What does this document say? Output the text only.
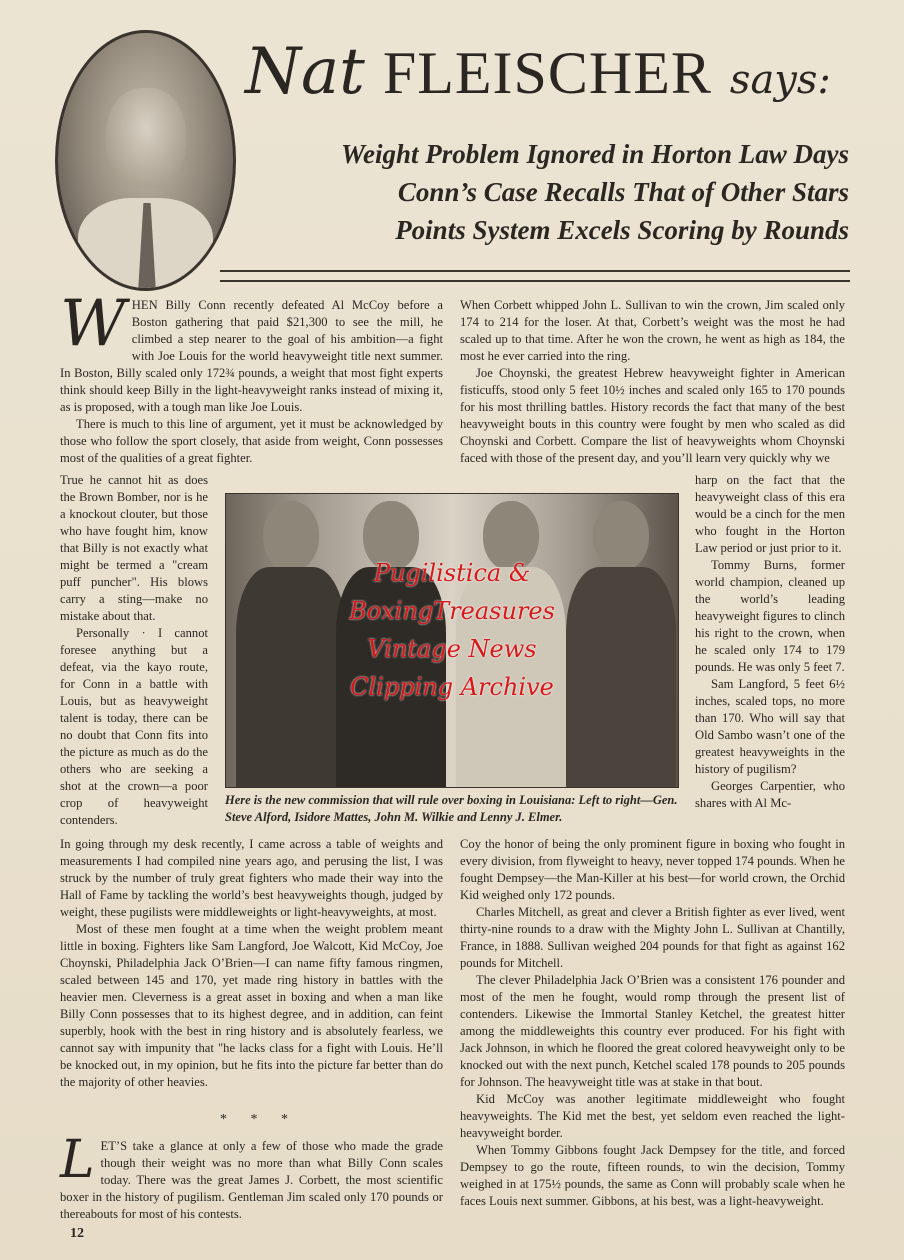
Nat FLEISCHER says:
Weight Problem Ignored in Horton Law Days
Conn’s Case Recalls That of Other Stars
Points System Excels Scoring by Rounds

WHEN Billy Conn recently defeated Al McCoy before a Boston gathering that paid $21,300 to see the mill, he climbed a step nearer to the goal of his ambition—a fight with Joe Louis for the world heavyweight title next summer. In Boston, Billy scaled only 172¾ pounds, a weight that most fight experts think should keep Billy in the light-heavyweight ranks instead of mixing it, as is proposed, with a tough man like Joe Louis.

There is much to this line of argument, yet it must be acknowledged by those who follow the sport closely, that aside from weight, Conn possesses most of the qualities of a great fighter.

True he cannot hit as does the Brown Bomber, nor is he a knockout clouter, but those who have fought him, know that Billy is not exactly what might be termed a "cream puff puncher". His blows carry a sting—make no mistake about that.

Personally · I cannot foresee anything but a defeat, via the kayo route, for Conn in a battle with Louis, but as heavyweight talent is today, there can be no doubt that Conn fits into the picture as much as do the others who are seeking a shot at the crown—a poor crop of heavyweight contenders.

When Corbett whipped John L. Sullivan to win the crown, Jim scaled only 174 to 214 for the loser. At that, Corbett’s weight was the most he had scaled up to that time. After he won the crown, he went as high as 184, the most he ever carried into the ring.

Joe Choynski, the greatest Hebrew heavyweight fighter in American fisticuffs, stood only 5 feet 10½ inches and scaled only 165 to 170 pounds for his most thrilling battles. History records the fact that many of the best heavyweight bouts in this country were fought by men who scaled as did Choynski and Corbett. Compare the list of heavyweights whom Choynski faced with those of the present day, and you’ll learn very quickly why we

harp on the fact that the heavyweight class of this era would be a cinch for the men who fought in the Horton Law period or just prior to it.

Tommy Burns, former world champion, cleaned up the world’s leading heavyweight figures to clinch his right to the crown, when he scaled only 174 to 179 pounds. He was only 5 feet 7.

Sam Langford, 5 feet 6½ inches, scaled tops, no more than 170. Who will say that Old Sambo wasn’t one of the greatest heavyweights in the history of pugilism?

Georges Carpentier, who shares with Al Mc-

Pugilistica &
BoxingTreasures
Vintage News
Clipping Archive
Here is the new commission that will rule over boxing in Louisiana: Left to right—Gen. Steve Alford, Isidore Mattes, John M. Wilkie and Lenny J. Elmer.

In going through my desk recently, I came across a table of weights and measurements I had compiled nine years ago, and perusing the list, I was struck by the number of truly great fighters who made their way into the Hall of Fame by tackling the world’s best heavyweights though, judged by weight, these pugilists were middleweights or light-heavyweights, at most.

Most of these men fought at a time when the weight problem meant little in boxing. Fighters like Sam Langford, Joe Walcott, Kid McCoy, Joe Choynski, Philadelphia Jack O’Brien—I can name fifty famous ringmen, scaled between 145 and 170, yet made ring history in battles with the heavier men. Cleverness is a great asset in boxing and when a man like Billy Conn possesses that to its highest degree, and in addition, can feint superbly, hook with the best in ring history and is absolutely fearless, we cannot say with impunity that "he lacks class for a fight with Louis. He’ll be knocked out, in my opinion, but he fits into the picture far better than do the majority of other heavies.

* * *

LET’S take a glance at only a few of those who made the grade though their weight was no more than what Billy Conn scales today. There was the great James J. Corbett, the most scientific boxer in the history of pugilism. Gentleman Jim scaled only 170 pounds or thereabouts for most of his contests.

Coy the honor of being the only prominent figure in boxing who fought in every division, from flyweight to heavy, never topped 174 pounds. When he fought Dempsey—the Man-Killer at his best—for world crown, the Orchid Kid weighed only 172 pounds.

Charles Mitchell, as great and clever a British fighter as ever lived, went thirty-nine rounds to a draw with the Mighty John L. Sullivan at Chantilly, France, in 1888. Sullivan weighed 204 pounds for that fight as against 162 pounds for Mitchell.

The clever Philadelphia Jack O’Brien was a consistent 176 pounder and most of the men he fought, would romp through the present list of contenders. Likewise the Immortal Stanley Ketchel, the greatest hitter among the middleweights this country ever produced. For his fight with Jack Johnson, in which he floored the great colored heavyweight only to be knocked out with the next punch, Ketchel scaled 178 pounds to 205 pounds for Johnson. The heavyweight title was at stake in that bout.

Kid McCoy was another legitimate middleweight who fought heavyweights. The Kid met the best, yet seldom even reached the light-heavyweight border.

When Tommy Gibbons fought Jack Dempsey for the title, and forced Dempsey to go the route, fifteen rounds, to win the decision, Tommy weighed in at 175½ pounds, the same as Conn will probably scale when he faces Louis next summer. Gibbons, at his best, was a light-heavyweight.

12
